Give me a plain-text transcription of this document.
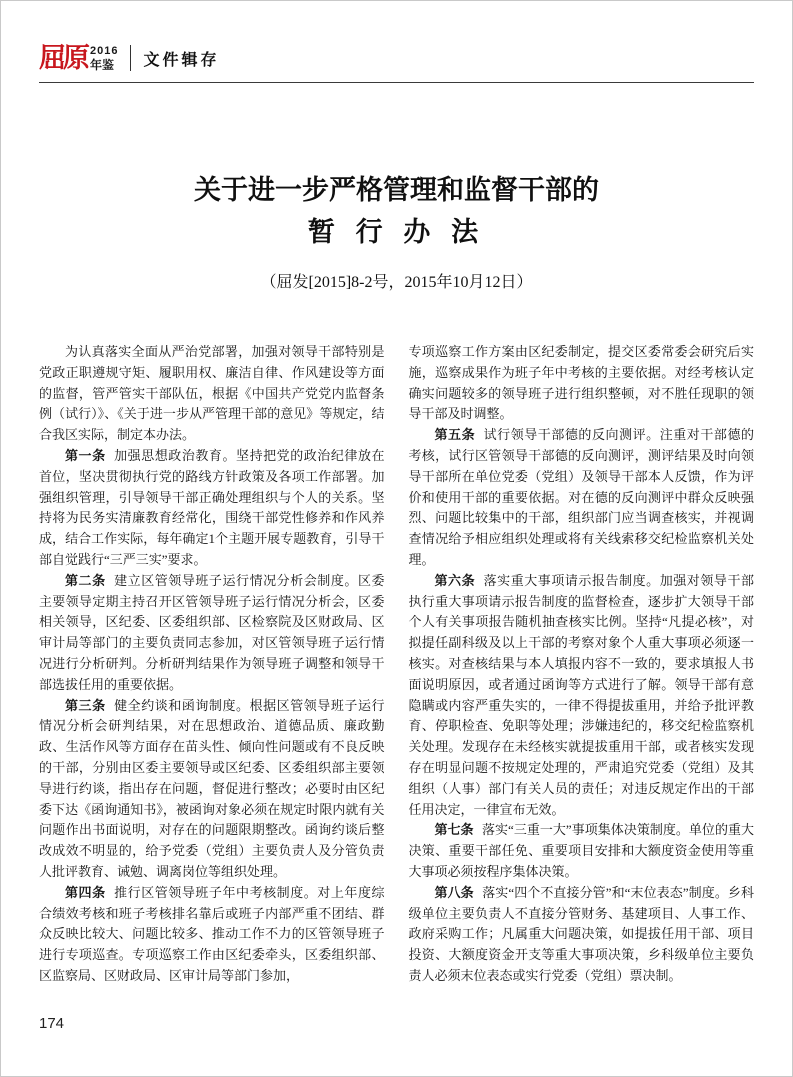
屈原 2016
年鉴 文件辑存
关于进一步严格管理和监督干部的
暂 行 办 法
（屈发[2015]8-2号，2015年10月12日）

为认真落实全面从严治党部署，加强对领导干部特别是党政正职遵规守矩、履职用权、廉洁自律、作风建设等方面的监督，管严管实干部队伍，根据《中国共产党党内监督条例（试行）》、《关于进一步从严管理干部的意见》等规定，结合我区实际，制定本办法。

第一条 加强思想政治教育。坚持把党的政治纪律放在首位，坚决贯彻执行党的路线方针政策及各项工作部署。加强组织管理，引导领导干部正确处理组织与个人的关系。坚持将为民务实清廉教育经常化，围绕干部党性修养和作风养成，结合工作实际，每年确定1个主题开展专题教育，引导干部自觉践行“三严三实”要求。

第二条 建立区管领导班子运行情况分析会制度。区委主要领导定期主持召开区管领导班子运行情况分析会，区委相关领导，区纪委、区委组织部、区检察院及区财政局、区审计局等部门的主要负责同志参加，对区管领导班子运行情况进行分析研判。分析研判结果作为领导班子调整和领导干部选拔任用的重要依据。

第三条 健全约谈和函询制度。根据区管领导班子运行情况分析会研判结果，对在思想政治、道德品质、廉政勤政、生活作风等方面存在苗头性、倾向性问题或有不良反映的干部，分别由区委主要领导或区纪委、区委组织部主要领导进行约谈，指出存在问题，督促进行整改；必要时由区纪委下达《函询通知书》，被函询对象必须在规定时限内就有关问题作出书面说明，对存在的问题限期整改。函询约谈后整改成效不明显的，给予党委（党组）主要负责人及分管负责人批评教育、诫勉、调离岗位等组织处理。

第四条 推行区管领导班子年中考核制度。对上年度综合绩效考核和班子考核排名靠后或班子内部严重不团结、群众反映比较大、问题比较多、推动工作不力的区管领导班子进行专项巡查。专项巡察工作由区纪委牵头，区委组织部、区监察局、区财政局、区审计局等部门参加，

专项巡察工作方案由区纪委制定，提交区委常委会研究后实施，巡察成果作为班子年中考核的主要依据。对经考核认定确实问题较多的领导班子进行组织整顿，对不胜任现职的领导干部及时调整。

第五条 试行领导干部德的反向测评。注重对干部德的考核，试行区管领导干部德的反向测评，测评结果及时向领导干部所在单位党委（党组）及领导干部本人反馈，作为评价和使用干部的重要依据。对在德的反向测评中群众反映强烈、问题比较集中的干部，组织部门应当调查核实，并视调查情况给予相应组织处理或将有关线索移交纪检监察机关处理。

第六条 落实重大事项请示报告制度。加强对领导干部执行重大事项请示报告制度的监督检查，逐步扩大领导干部个人有关事项报告随机抽查核实比例。坚持“凡提必核”，对拟提任副科级及以上干部的考察对象个人重大事项必须逐一核实。对查核结果与本人填报内容不一致的，要求填报人书面说明原因，或者通过函询等方式进行了解。领导干部有意隐瞒或内容严重失实的，一律不得提拔重用，并给予批评教育、停职检查、免职等处理；涉嫌违纪的，移交纪检监察机关处理。发现存在未经核实就提拔重用干部，或者核实发现存在明显问题不按规定处理的，严肃追究党委（党组）及其组织（人事）部门有关人员的责任；对违反规定作出的干部任用决定，一律宣布无效。

第七条 落实“三重一大”事项集体决策制度。单位的重大决策、重要干部任免、重要项目安排和大额度资金使用等重大事项必须按程序集体决策。

第八条 落实“四个不直接分管”和“末位表态”制度。乡科级单位主要负责人不直接分管财务、基建项目、人事工作、政府采购工作；凡属重大问题决策，如提拔任用干部、项目投资、大额度资金开支等重大事项决策，乡科级单位主要负责人必须末位表态或实行党委（党组）票决制。

174
